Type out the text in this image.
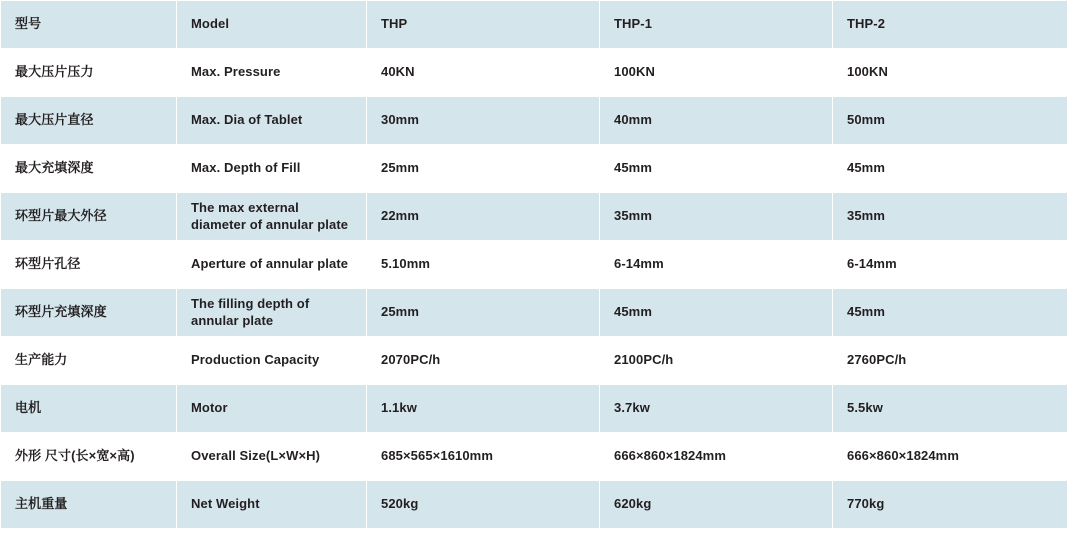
型号	Model	THP	THP-1	THP-2
最大压片压力	Max. Pressure	40KN	100KN	100KN
最大压片直径	Max. Dia of Tablet	30mm	40mm	50mm
最大充填深度	Max. Depth of Fill	25mm	45mm	45mm
环型片最大外径	The max external diameter of annular plate	22mm	35mm	35mm
环型片孔径	Aperture of annular plate	5.10mm	6-14mm	6-14mm
环型片充填深度	The filling depth of annular plate	25mm	45mm	45mm
生产能力	Production Capacity	2070PC/h	2100PC/h	2760PC/h
电机	Motor	1.1kw	3.7kw	5.5kw
外形 尺寸(长×宽×高)	Overall Size(L×W×H)	685×565×1610mm	666×860×1824mm	666×860×1824mm
主机重量	Net Weight	520kg	620kg	770kg
